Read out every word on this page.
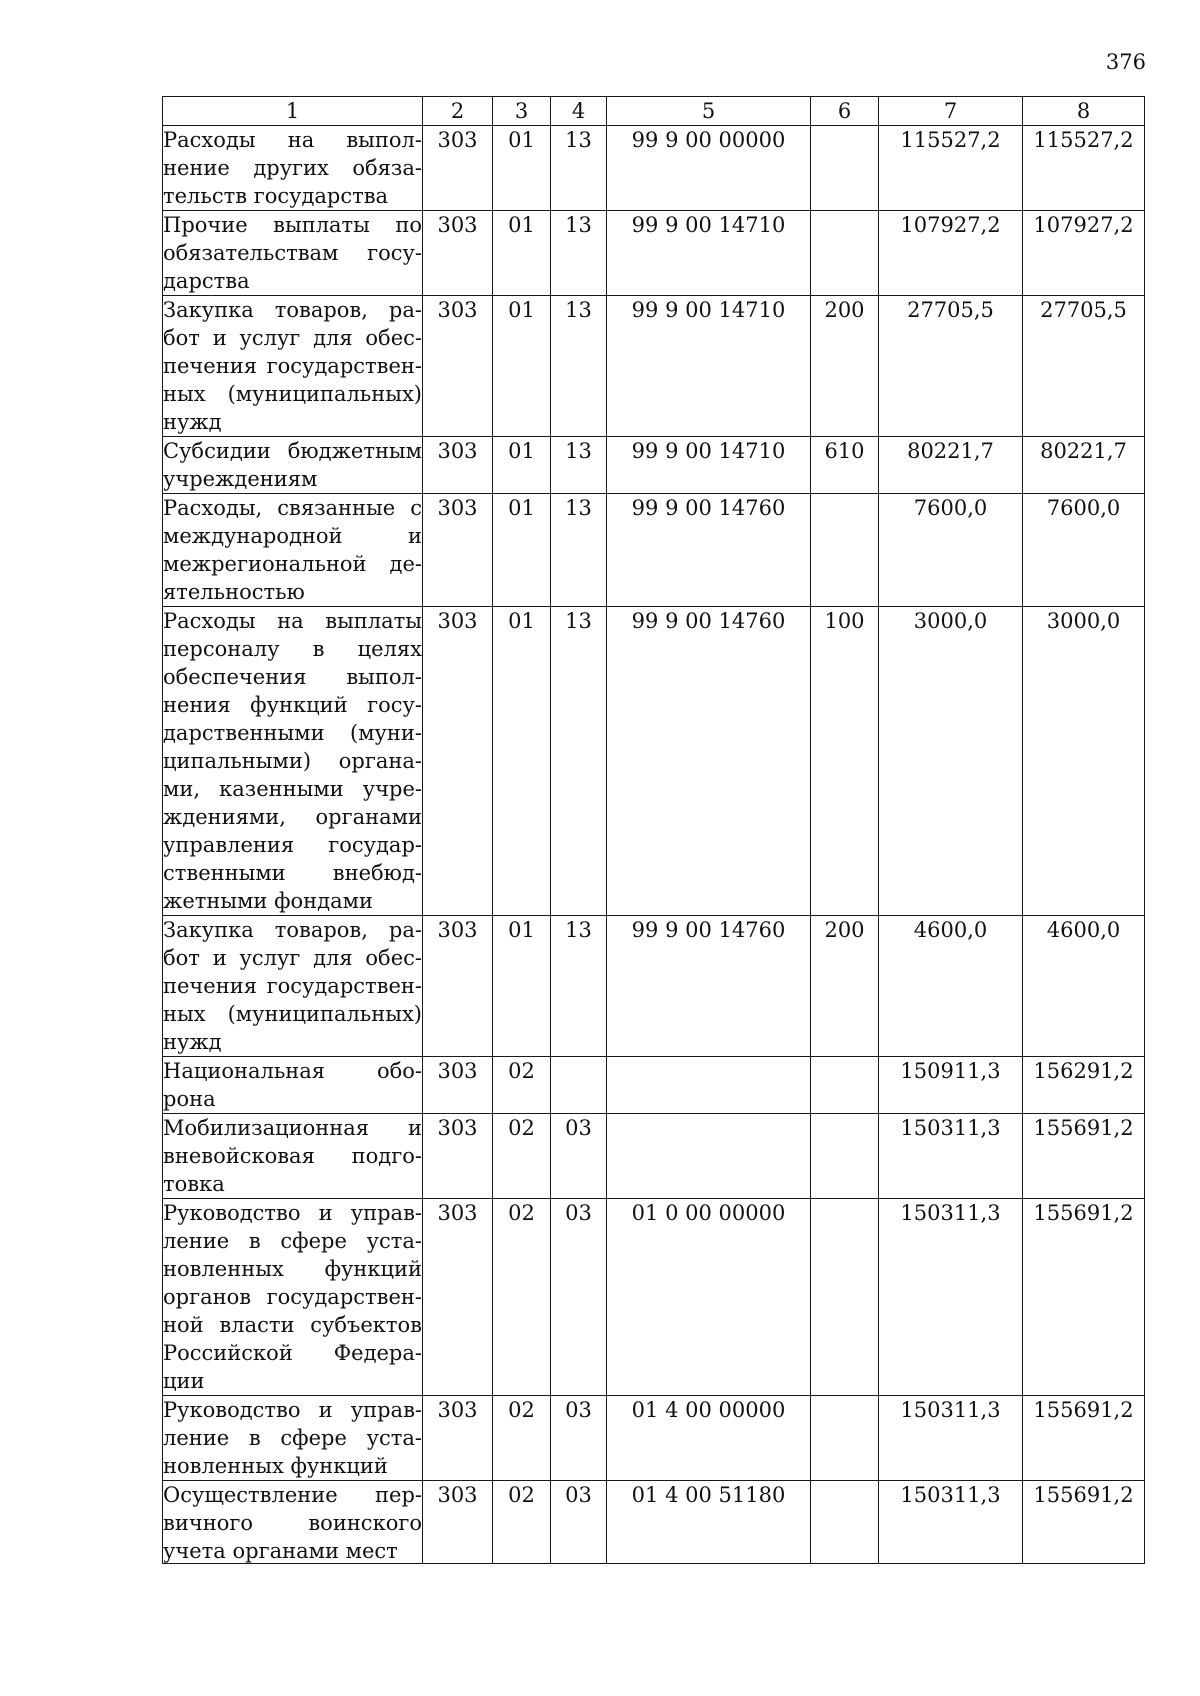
376
1	2	3	4	5	6	7	8
Расходы на выполнение других обязательств государства	303	01	13	99 9 00 00000		115527,2	115527,2
Прочие выплаты по обязательствам государства	303	01	13	99 9 00 14710		107927,2	107927,2
Закупка товаров, работ и услуг для обеспечения государственных (муниципальных) нужд	303	01	13	99 9 00 14710	200	27705,5	27705,5
Субсидии бюджетным учреждениям	303	01	13	99 9 00 14710	610	80221,7	80221,7
Расходы, связанные с международной и межрегиональной деятельностью	303	01	13	99 9 00 14760		7600,0	7600,0
Расходы на выплаты персоналу в целях обеспечения выполнения функций государственными (муниципальными) органами, казенными учреждениями, органами управления государственными внебюджетными фондами	303	01	13	99 9 00 14760	100	3000,0	3000,0
Закупка товаров, работ и услуг для обеспечения государственных (муниципальных) нужд	303	01	13	99 9 00 14760	200	4600,0	4600,0
Национальная оборона	303	02				150911,3	156291,2
Мобилизационная и вневойсковая подготовка	303	02	03			150311,3	155691,2
Руководство и управление в сфере установленных функций органов государственной власти субъектов Российской Федерации	303	02	03	01 0 00 00000		150311,3	155691,2
Руководство и управление в сфере установленных функций	303	02	03	01 4 00 00000		150311,3	155691,2

Осуществление первичного воинского учета органами мест	303	02	03	01 4 00 51180		150311,3	155691,2
